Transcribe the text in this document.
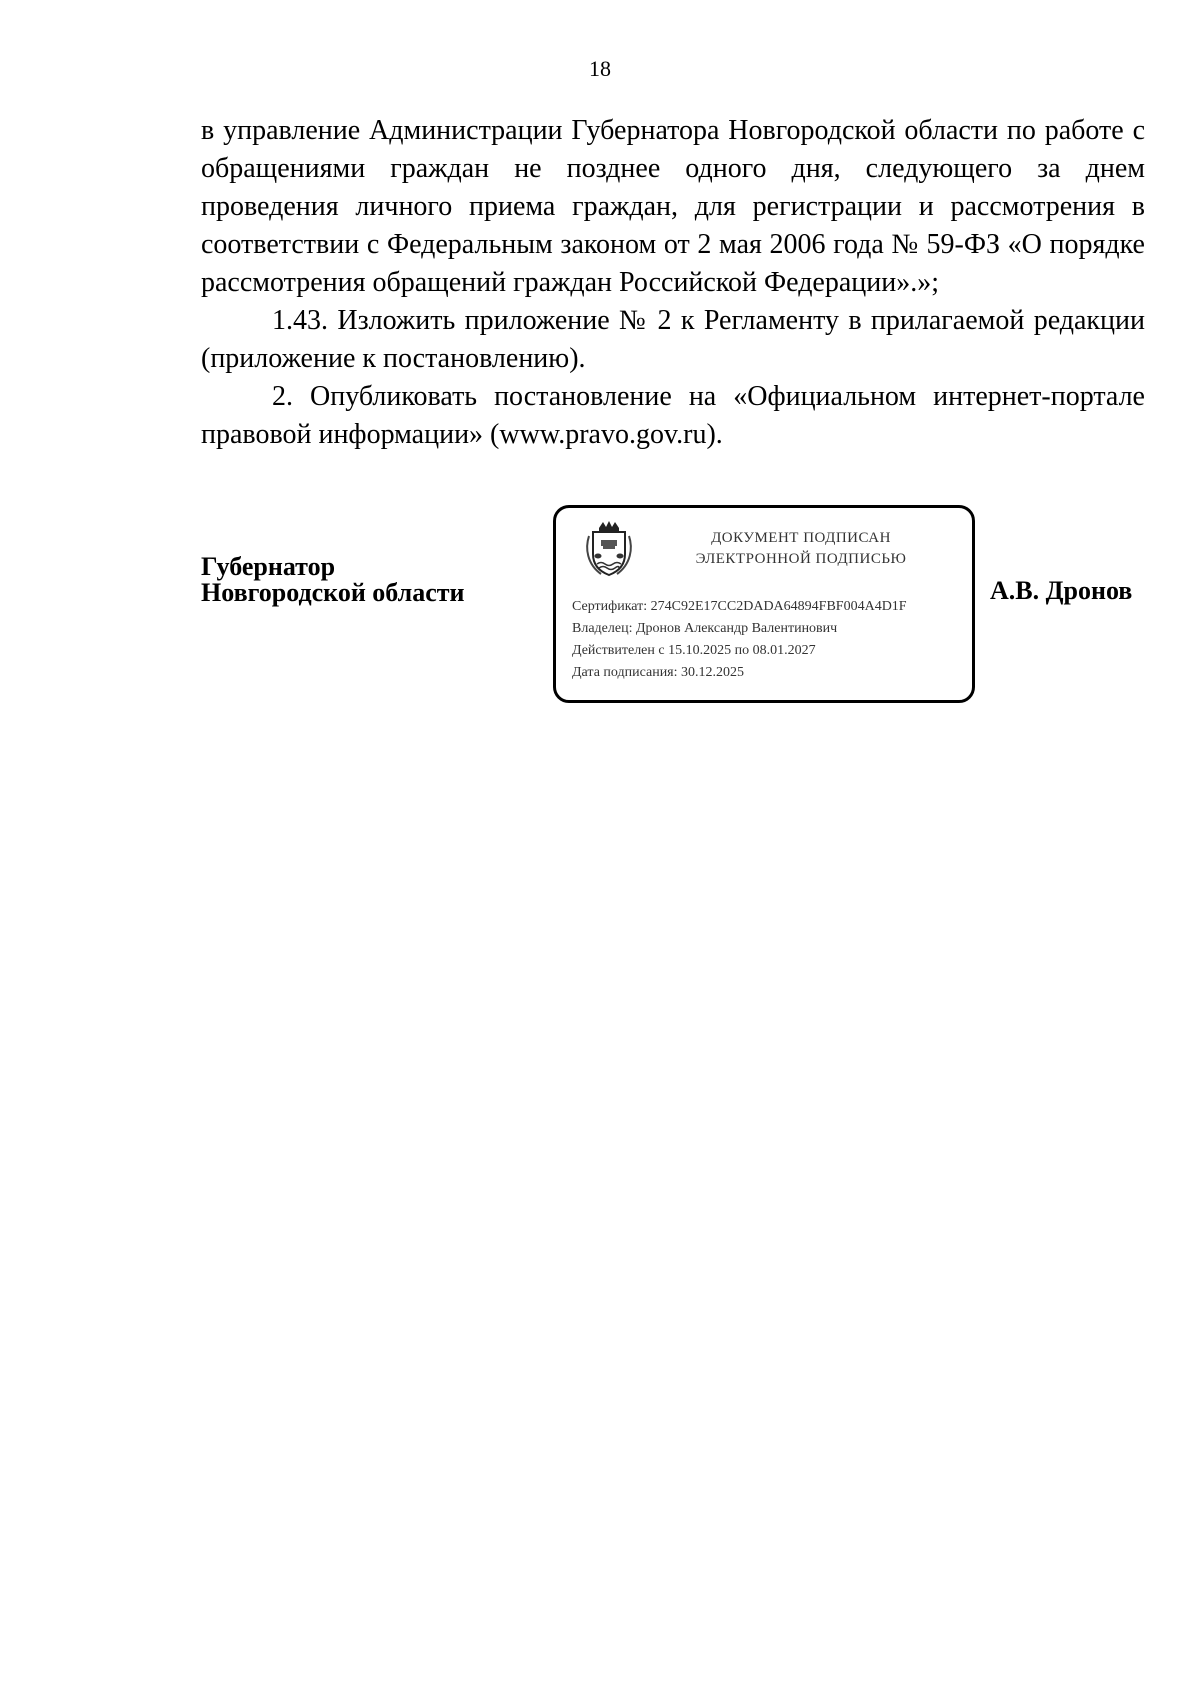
18

в управление Администрации Губернатора Новгородской области по работе с обращениями граждан не позднее одного дня, следующего за днем проведения личного приема граждан, для регистрации и рассмотрения в соответствии с Федеральным законом от 2 мая 2006 года № 59-ФЗ «О порядке рассмотрения обращений граждан Российской Федерации».»;

1.43. Изложить приложение № 2 к Регламенту в прилагаемой редакции (приложение к постановлению).

2. Опубликовать постановление на «Официальном интернет-портале правовой информации» (www.pravo.gov.ru).

Губернатор
Новгородской области
ДОКУМЕНТ ПОДПИСАН
ЭЛЕКТРОННОЙ ПОДПИСЬЮ
Сертификат: 274C92E17CC2DADA64894FBF004A4D1F
Владелец: Дронов Александр Валентинович
Действителен с 15.10.2025 по 08.01.2027
Дата подписания: 30.12.2025
А.В. Дронов
